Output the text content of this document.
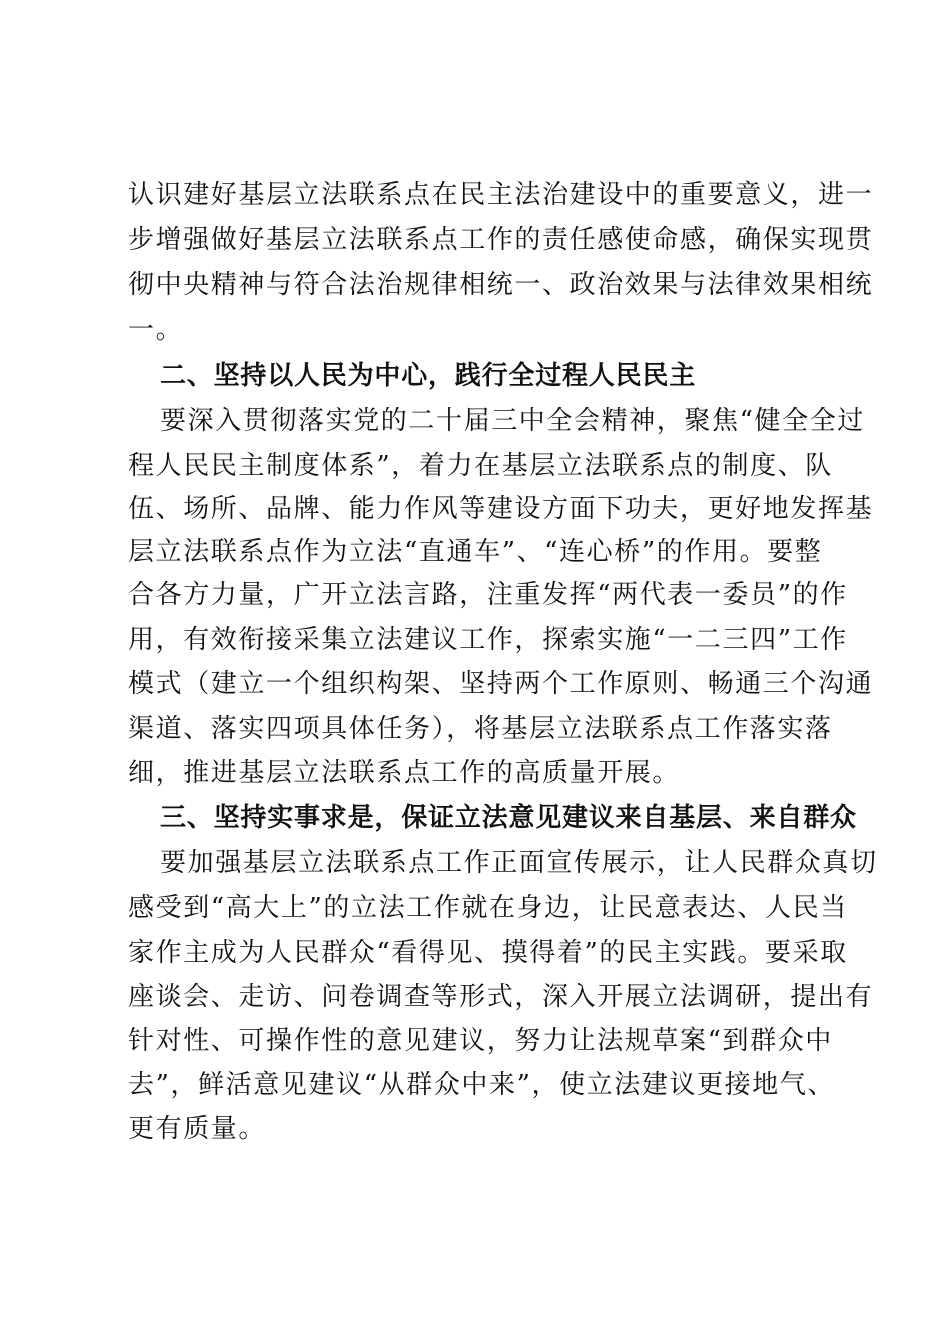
认识建好基层立法联系点在民主法治建设中的重要意义，进一
步增强做好基层立法联系点工作的责任感使命感，确保实现贯
彻中央精神与符合法治规律相统一、政治效果与法律效果相统
一。
二、坚持以人民为中心，践行全过程人民民主
要深入贯彻落实党的二十届三中全会精神，聚焦“健全全过
程人民民主制度体系”，着力在基层立法联系点的制度、队
伍、场所、品牌、能力作风等建设方面下功夫，更好地发挥基
层立法联系点作为立法“直通车”、“连心桥”的作用。要整
合各方力量，广开立法言路，注重发挥“两代表一委员”的作
用，有效衔接采集立法建议工作，探索实施“一二三四”工作
模式（建立一个组织构架、坚持两个工作原则、畅通三个沟通
渠道、落实四项具体任务），将基层立法联系点工作落实落
细，推进基层立法联系点工作的高质量开展。
三、坚持实事求是，保证立法意见建议来自基层、来自群众
要加强基层立法联系点工作正面宣传展示，让人民群众真切
感受到“高大上”的立法工作就在身边，让民意表达、人民当
家作主成为人民群众“看得见、摸得着”的民主实践。要采取
座谈会、走访、问卷调查等形式，深入开展立法调研，提出有
针对性、可操作性的意见建议，努力让法规草案“到群众中
去”，鲜活意见建议“从群众中来”，使立法建议更接地气、
更有质量。
